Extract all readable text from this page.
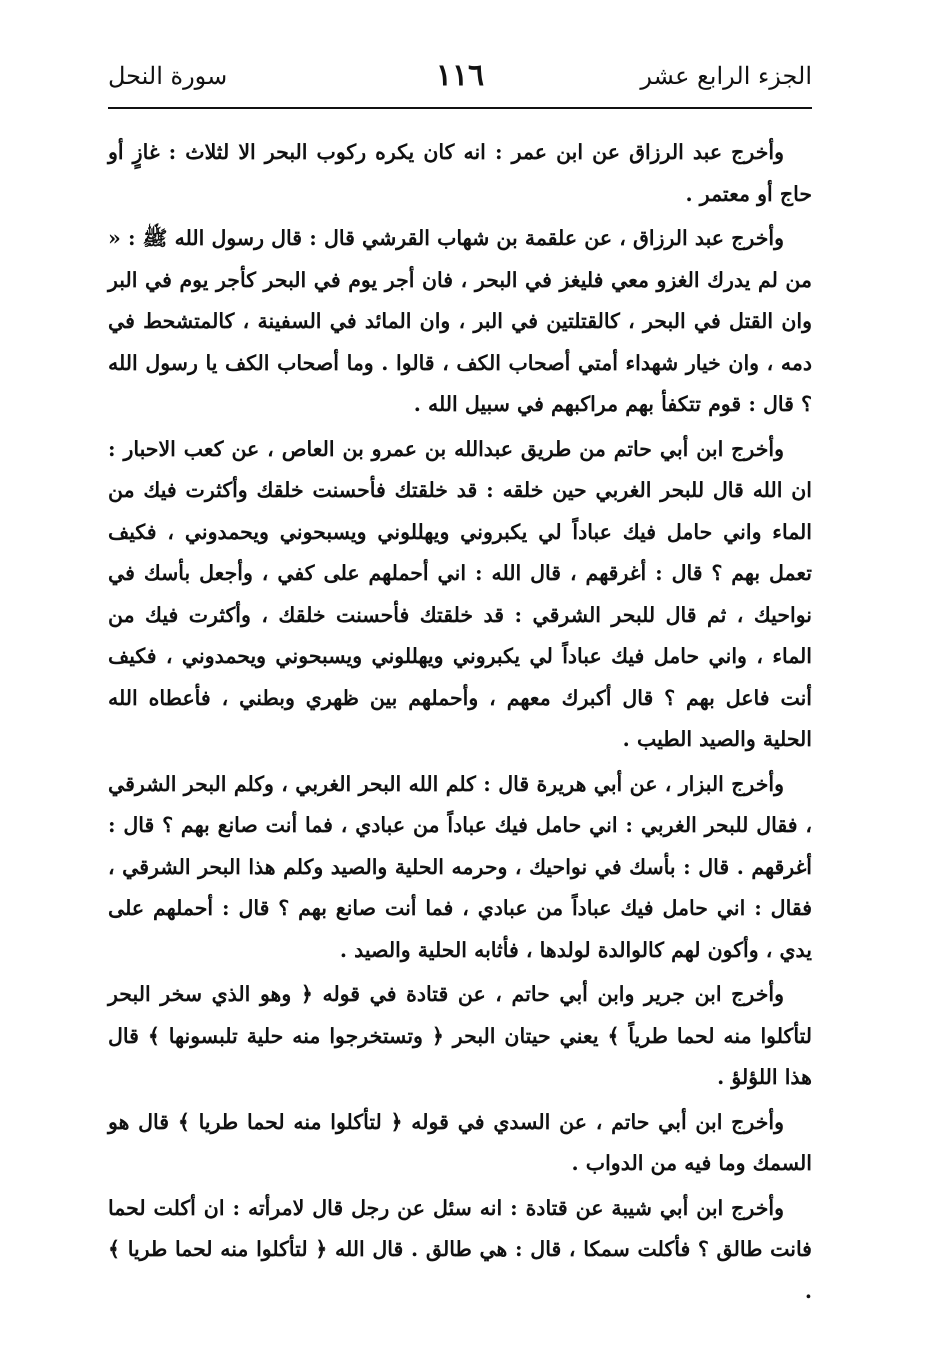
الجزء الرابع عشر
١١٦
سورة النحل

وأخرج عبد الرزاق عن ابن عمر : انه كان يكره ركوب البحر الا لثلاث : غازٍ أو حاج أو معتمر .

وأخرج عبد الرزاق ، عن علقمة بن شهاب القرشي قال : قال رسول الله ﷺ : « من لم يدرك الغزو معي فليغز في البحر ، فان أجر يوم في البحر كأجر يوم في البر وان القتل في البحر ، كالقتلتين في البر ، وان المائد في السفينة ، كالمتشحط في دمه ، وان خيار شهداء أمتي أصحاب الكف ، قالوا . وما أصحاب الكف يا رسول الله ؟ قال : قوم تتكفأ بهم مراكبهم في سبيل الله .

وأخرج ابن أبي حاتم من طريق عبدالله بن عمرو بن العاص ، عن كعب الاحبار : ان الله قال للبحر الغربي حين خلقه : قد خلقتك فأحسنت خلقك وأكثرت فيك من الماء واني حامل فيك عباداً لي يكبروني ويهللوني ويسبحوني ويحمدوني ، فكيف تعمل بهم ؟ قال : أغرقهم ، قال الله : اني أحملهم على كفي ، وأجعل بأسك في نواحيك ، ثم قال للبحر الشرقي : قد خلقتك فأحسنت خلقك ، وأكثرت فيك من الماء ، واني حامل فيك عباداً لي يكبروني ويهللوني ويسبحوني ويحمدوني ، فكيف أنت فاعل بهم ؟ قال أكبرك معهم ، وأحملهم بين ظهري وبطني ، فأعطاه الله الحلية والصيد الطيب .

وأخرج البزار ، عن أبي هريرة قال : كلم الله البحر الغربي ، وكلم البحر الشرقي ، فقال للبحر الغربي : اني حامل فيك عباداً من عبادي ، فما أنت صانع بهم ؟ قال : أغرقهم . قال : بأسك في نواحيك ، وحرمه الحلية والصيد وكلم هذا البحر الشرقي ، فقال : اني حامل فيك عباداً من عبادي ، فما أنت صانع بهم ؟ قال : أحملهم على يدي ، وأكون لهم كالوالدة لولدها ، فأثابه الحلية والصيد .

وأخرج ابن جرير وابن أبي حاتم ، عن قتادة في قوله ﴿ وهو الذي سخر البحر لتأكلوا منه لحما طرياً ﴾ يعني حيتان البحر ﴿ وتستخرجوا منه حلية تلبسونها ﴾ قال هذا اللؤلؤ .

وأخرج ابن أبي حاتم ، عن السدي في قوله ﴿ لتأكلوا منه لحما طريا ﴾ قال هو السمك وما فيه من الدواب .

وأخرج ابن أبي شيبة عن قتادة : انه سئل عن رجل قال لامرأته : ان أكلت لحما فانت طالق ؟ فأكلت سمكا ، قال : هي طالق . قال الله ﴿ لتأكلوا منه لحما طريا ﴾ .
